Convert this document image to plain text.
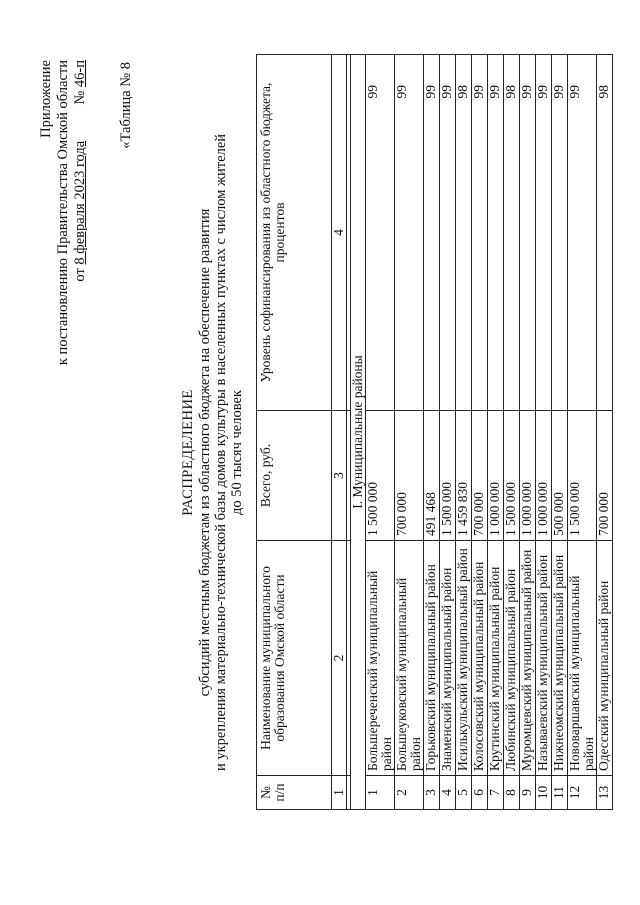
Приложение к постановлению Правительства Омской области от 8 февраля 2023 года          № 46-п «Таблица № 8
РАСПРЕДЕЛЕНИЕ субсидий местным бюджетам из областного бюджета на обеспечение развития и укрепления материально-технической базы домов культуры в населенных пунктах с числом жителей до 50 тысяч человек
№ п/п	Наименование муниципального образования Омской области	Всего, руб.	Уровень софинансирования из областного бюджета, процентов
1	2	3	4

I. Муниципальные районы			
1	Большереченский муниципальный район	1 500 000	99
2	Большеуковский муниципальный район	700 000	99
3	Горьковский муниципальный район	491 468	99
4	Знаменский муниципальный район	1 500 000	99
5	Исилькульский муниципальный район	1 459 830	98
6	Колосовский муниципальный район	700 000	99
7	Крутинский муниципальный район	1 000 000	99
8	Любинский муниципальный район	1 500 000	98
9	Муромцевский муниципальный район	1 000 000	99
10	Называевский муниципальный район	1 000 000	99
11	Нижнеомский муниципальный район	500 000	99
12	Нововаршавский муниципальный район	1 500 000	99
13	Одесский муниципальный район	700 000	98
